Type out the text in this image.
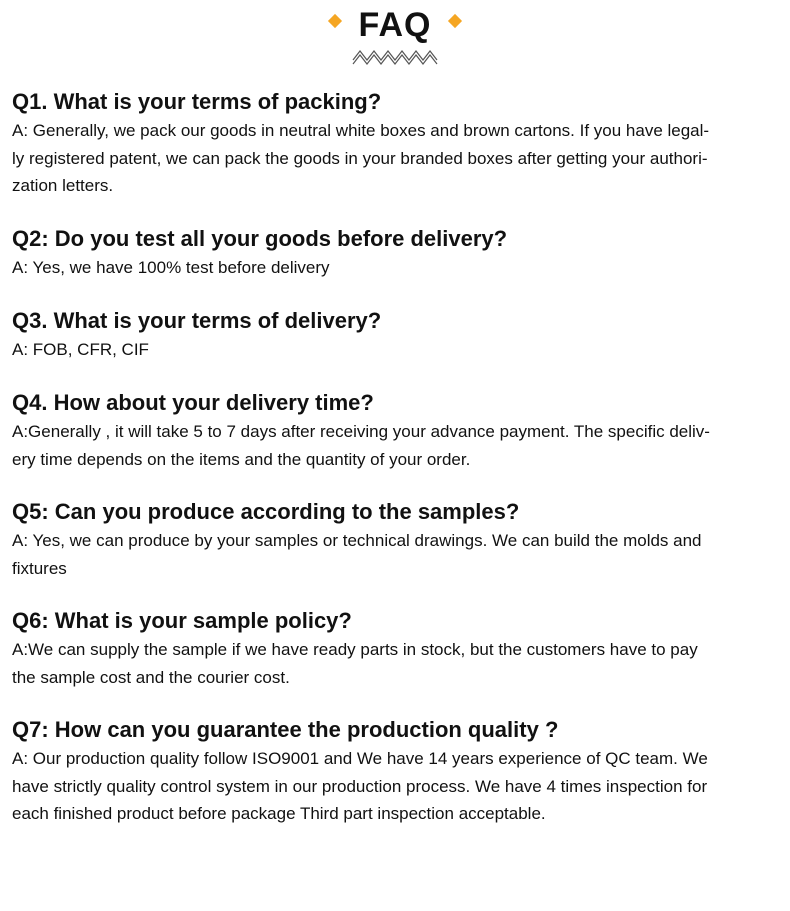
FAQ

Q1. What is your terms of packing?

A: Generally, we pack our goods in neutral white boxes and brown cartons. If you have legal-

ly registered patent, we can pack the goods in your branded boxes after getting your authori-

zation letters.

Q2: Do you test all your goods before delivery?

A: Yes, we have 100% test before delivery

Q3. What is your terms of delivery?

A: FOB, CFR, CIF

Q4. How about your delivery time?

A:Generally , it will take 5 to 7 days after receiving your advance payment. The specific deliv-

ery time depends on the items and the quantity of your order.

Q5: Can you produce according to the samples?

A: Yes, we can produce by your samples or technical drawings. We can build the molds and

fixtures

Q6: What is your sample policy?

A:We can supply the sample if we have ready parts in stock, but the customers have to pay

the sample cost and the courier cost.

Q7: How can you guarantee the production quality ?

A: Our production quality follow ISO9001 and We have 14 years experience of QC team. We

have strictly quality control system in our production process. We have 4 times inspection for

each finished product before package Third part inspection acceptable.
